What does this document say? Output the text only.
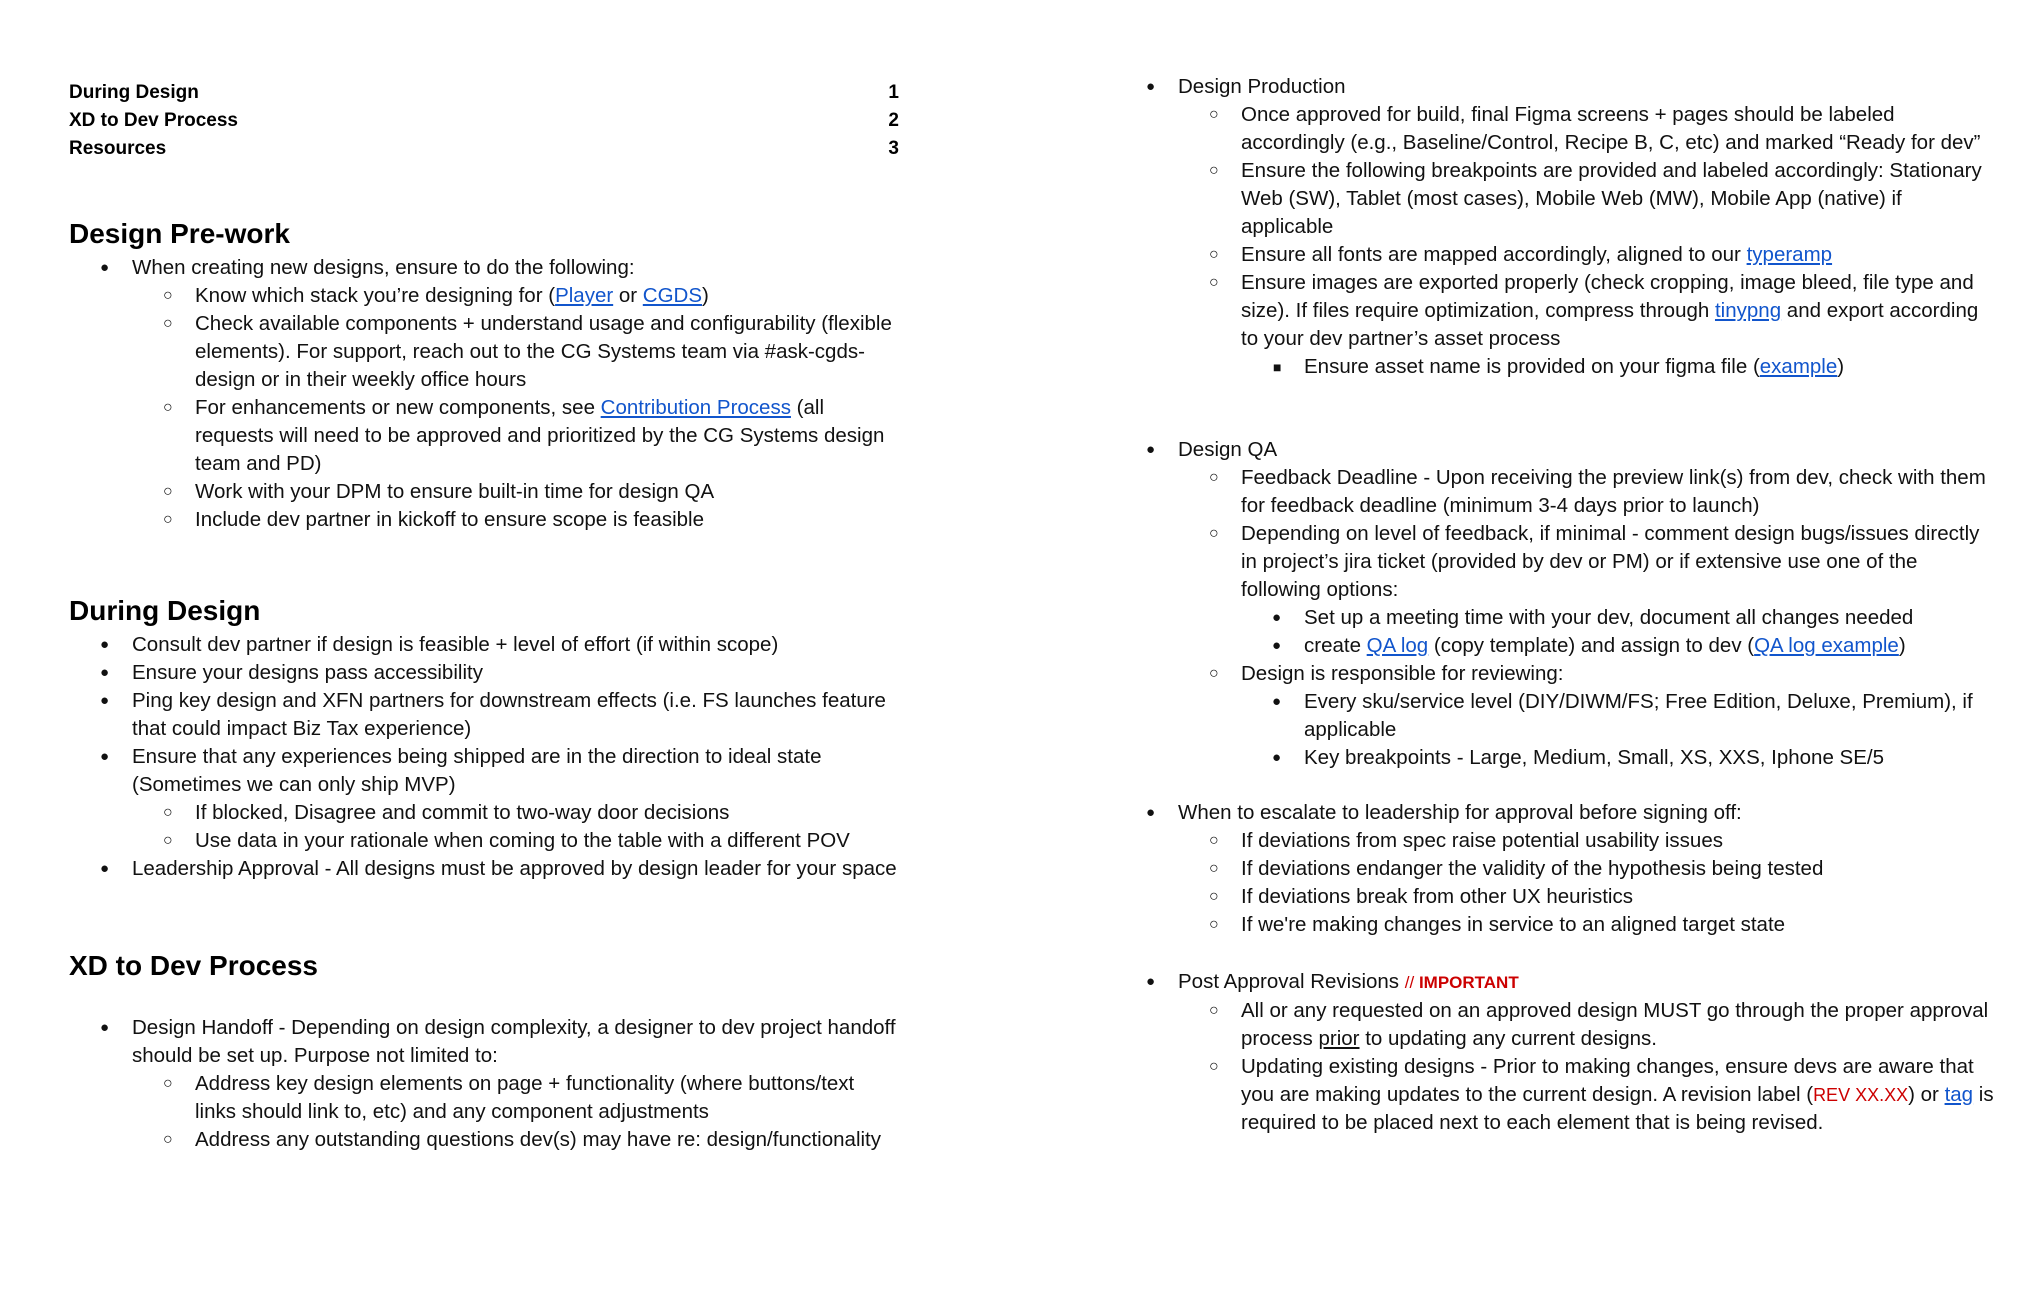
During Design	1
XD to Dev Process	2
Resources	3
Design Pre-work
● When creating new designs, ensure to do the following:
○ Know which stack you’re designing for (Player or CGDS)
○ Check available components + understand usage and configurability (flexible elements). For support, reach out to the CG Systems team via #ask-cgds-design or in their weekly office hours
○ For enhancements or new components, see Contribution Process (all requests will need to be approved and prioritized by the CG Systems design team and PD)
○ Work with your DPM to ensure built-in time for design QA
○ Include dev partner in kickoff to ensure scope is feasible
During Design
● Consult dev partner if design is feasible + level of effort (if within scope)
● Ensure your designs pass accessibility
● Ping key design and XFN partners for downstream effects (i.e. FS launches feature that could impact Biz Tax experience)
● Ensure that any experiences being shipped are in the direction to ideal state (Sometimes we can only ship MVP)
○ If blocked, Disagree and commit to two-way door decisions
○ Use data in your rationale when coming to the table with a different POV
● Leadership Approval - All designs must be approved by design leader for your space
XD to Dev Process
● Design Handoff - Depending on design complexity, a designer to dev project handoff should be set up. Purpose not limited to:
○ Address key design elements on page + functionality (where buttons/text links should link to, etc) and any component adjustments
○ Address any outstanding questions dev(s) may have re: design/functionality
● Design Production
○ Once approved for build, final Figma screens + pages should be labeled accordingly (e.g., Baseline/Control, Recipe B, C, etc) and marked “Ready for dev”
○ Ensure the following breakpoints are provided and labeled accordingly: Stationary Web (SW), Tablet (most cases), Mobile Web (MW), Mobile App (native) if applicable
○ Ensure all fonts are mapped accordingly, aligned to our typeramp
○ Ensure images are exported properly (check cropping, image bleed, file type and size). If files require optimization, compress through tinypng and export according to your dev partner’s asset process
■ Ensure asset name is provided on your figma file (example)
● Design QA
○ Feedback Deadline - Upon receiving the preview link(s) from dev, check with them for feedback deadline (minimum 3-4 days prior to launch)
○ Depending on level of feedback, if minimal - comment design bugs/issues directly in project’s jira ticket (provided by dev or PM) or if extensive use one of the following options:
● Set up a meeting time with your dev, document all changes needed
● create QA log (copy template) and assign to dev (QA log example)
○ Design is responsible for reviewing:
● Every sku/service level (DIY/DIWM/FS; Free Edition, Deluxe, Premium), if applicable
● Key breakpoints - Large, Medium, Small, XS, XXS, Iphone SE/5
● When to escalate to leadership for approval before signing off:
○ If deviations from spec raise potential usability issues
○ If deviations endanger the validity of the hypothesis being tested
○ If deviations break from other UX heuristics
○ If we're making changes in service to an aligned target state
● Post Approval Revisions // IMPORTANT
○ All or any requested on an approved design MUST go through the proper approval process prior to updating any current designs.
○ Updating existing designs - Prior to making changes, ensure devs are aware that you are making updates to the current design. A revision label (REV XX.XX) or tag is required to be placed next to each element that is being revised.
